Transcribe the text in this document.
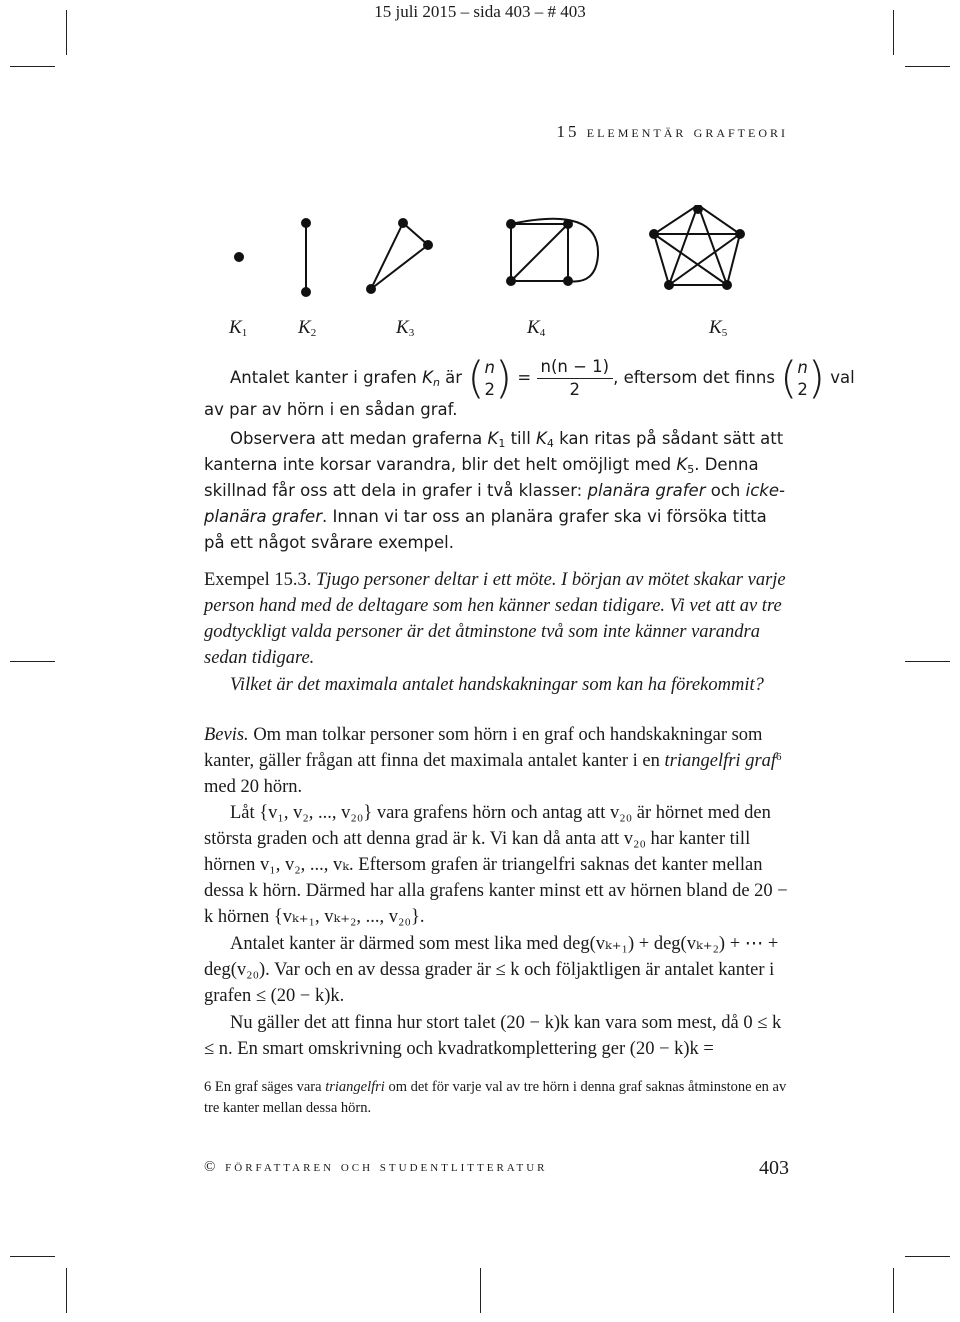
15 juli 2015 – sida 403 – # 403
15 elementär grafteori
$K_1$	$K_2$	$K_3$	$K_4$	$K_5$
Antalet kanter i grafen $K_n$ är ( n
2 ) = $\frac{n(n - 1)}{2}$ , eftersom det finns ( n
2 ) val
av par av hörn i en sådan graf.

Observera att medan graferna $K_1$ till $K_4$ kan ritas på sådant sätt att kanterna inte korsar varandra, blir det helt omöjligt med $K_5$. Denna skillnad får oss att dela in grafer i två klasser: planära grafer och icke-planära grafer. Innan vi tar oss an planära grafer ska vi försöka titta på ett något svårare exempel.

Exempel 15.3. Tjugo personer deltar i ett möte. I början av mötet skakar varje person hand med de deltagare som hen känner sedan tidigare. Vi vet att av tre godtyckligt valda personer är det åtminstone två som inte känner varandra sedan tidigare.

Vilket är det maximala antalet handskakningar som kan ha förekommit?

Bevis. Om man tolkar personer som hörn i en graf och handskakningar som kanter, gäller frågan att finna det maximala antalet kanter i en triangelfri graf$^6$ med 20 hörn.

Låt {v₁, v₂, ..., v₂₀} vara grafens hörn och antag att v₂₀ är hörnet med den största graden och att denna grad är k. Vi kan då anta att v₂₀ har kanter till hörnen v₁, v₂, ..., vₖ. Eftersom grafen är triangelfri saknas det kanter mellan dessa k hörn. Därmed har alla grafens kanter minst ett av hörnen bland de 20 − k hörnen {vₖ₊₁, vₖ₊₂, ..., v₂₀}.

Antalet kanter är därmed som mest lika med deg(vₖ₊₁) + deg(vₖ₊₂) + ⋯ + deg(v₂₀). Var och en av dessa grader är ≤ k och följaktligen är antalet kanter i grafen ≤ (20 − k)k.

Nu gäller det att finna hur stort talet (20 − k)k kan vara som mest, då 0 ≤ k ≤ n. En smart omskrivning och kvadratkomplettering ger (20 − k)k =

6 En graf säges vara triangelfri om det för varje val av tre hörn i denna graf saknas åtminstone en av tre kanter mellan dessa hörn.
© författaren och studentlitteratur	403
